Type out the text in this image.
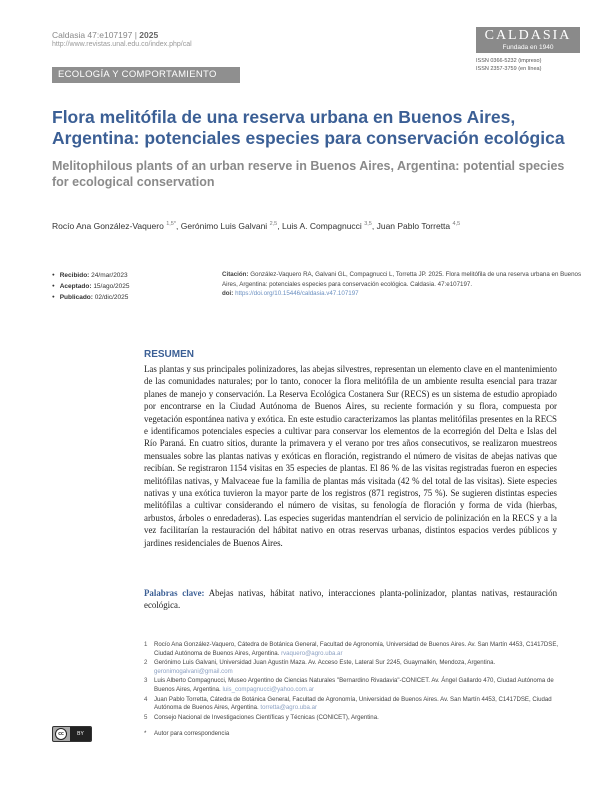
Caldasia 47:e107197 | 2025
http://www.revistas.unal.edu.co/index.php/cal
CALDASIA
Fundada en 1940
ISSN 0366-5232 (impreso)
ISSN 2357-3759 (en línea)
ECOLOGÍA Y COMPORTAMIENTO
Flora melitófila de una reserva urbana en Buenos Aires, Argentina: potenciales especies para conservación ecológica
Melitophilous plants of an urban reserve in Buenos Aires, Argentina: potential species for ecological conservation
Rocío Ana González-Vaquero $^{1,5*}$, Gerónimo Luis Galvani $^{2,5}$, Luis A. Compagnucci $^{3,5}$, Juan Pablo Torretta $^{4,5}$
● Recibido: 24/mar/2023
● Aceptado: 15/ago/2025
● Publicado: 02/dic/2025
Citación: González-Vaquero RA, Galvani GL, Compagnucci L, Torretta JP. 2025. Flora melitófila de una reserva urbana en Buenos Aires, Argentina: potenciales especies para conservación ecológica. Caldasia. 47:e107197.
doi: https://doi.org/10.15446/caldasia.v47.107197
RESUMEN
Las plantas y sus principales polinizadores, las abejas silvestres, representan un elemento clave en el mantenimiento de las comunidades naturales; por lo tanto, conocer la flora melitófila de un ambiente resulta esencial para trazar planes de manejo y conservación. La Reserva Ecológica Costanera Sur (RECS) es un sistema de estudio apropiado por encontrarse en la Ciudad Autónoma de Buenos Aires, su reciente formación y su flora, compuesta por vegetación espontánea nativa y exótica. En este estudio caracterizamos las plantas melitófilas presentes en la RECS e identificamos potenciales especies a cultivar para conservar los elementos de la ecorregión del Delta e Islas del Río Paraná. En cuatro sitios, durante la primavera y el verano por tres años consecutivos, se realizaron muestreos mensuales sobre las plantas nativas y exóticas en floración, registrando el número de visitas de abejas nativas que recibían. Se registraron 1154 visitas en 35 especies de plantas. El 86 % de las visitas registradas fueron en especies melitófilas nativas, y Malvaceae fue la familia de plantas más visitada (42 % del total de las visitas). Siete especies nativas y una exótica tuvieron la mayor parte de los registros (871 registros, 75 %). Se sugieren distintas especies melitófilas a cultivar considerando el número de visitas, su fenología de floración y forma de vida (hierbas, arbustos, árboles o enredaderas). Las especies sugeridas mantendrían el servicio de polinización en la RECS y a la vez facilitarían la restauración del hábitat nativo en otras reservas urbanas, distintos espacios verdes públicos y jardines residenciales de Buenos Aires.
Palabras clave: Abejas nativas, hábitat nativo, interacciones planta-polinizador, plantas nativas, restauración ecológica.
1	Rocío Ana González-Vaquero, Cátedra de Botánica General, Facultad de Agronomía, Universidad de Buenos Aires. Av. San Martín 4453, C1417DSE, Ciudad Autónoma de Buenos Aires, Argentina. rvaquero@agro.uba.ar
2	Gerónimo Luis Galvani, Universidad Juan Agustín Maza. Av. Acceso Este, Lateral Sur 2245, Guaymallén, Mendoza, Argentina. geronimogalvani@gmail.com
3	Luis Alberto Compagnucci, Museo Argentino de Ciencias Naturales "Bernardino Rivadavia"-CONICET. Av. Ángel Gallardo 470, Ciudad Autónoma de Buenos Aires, Argentina. luis_compagnucci@yahoo.com.ar
4	Juan Pablo Torretta, Cátedra de Botánica General, Facultad de Agronomía, Universidad de Buenos Aires. Av. San Martín 4453, C1417DSE, Ciudad Autónoma de Buenos Aires, Argentina. torretta@agro.uba.ar
5	Consejo Nacional de Investigaciones Científicas y Técnicas (CONICET), Argentina.
cc	BY	* Autor para correspondencia
